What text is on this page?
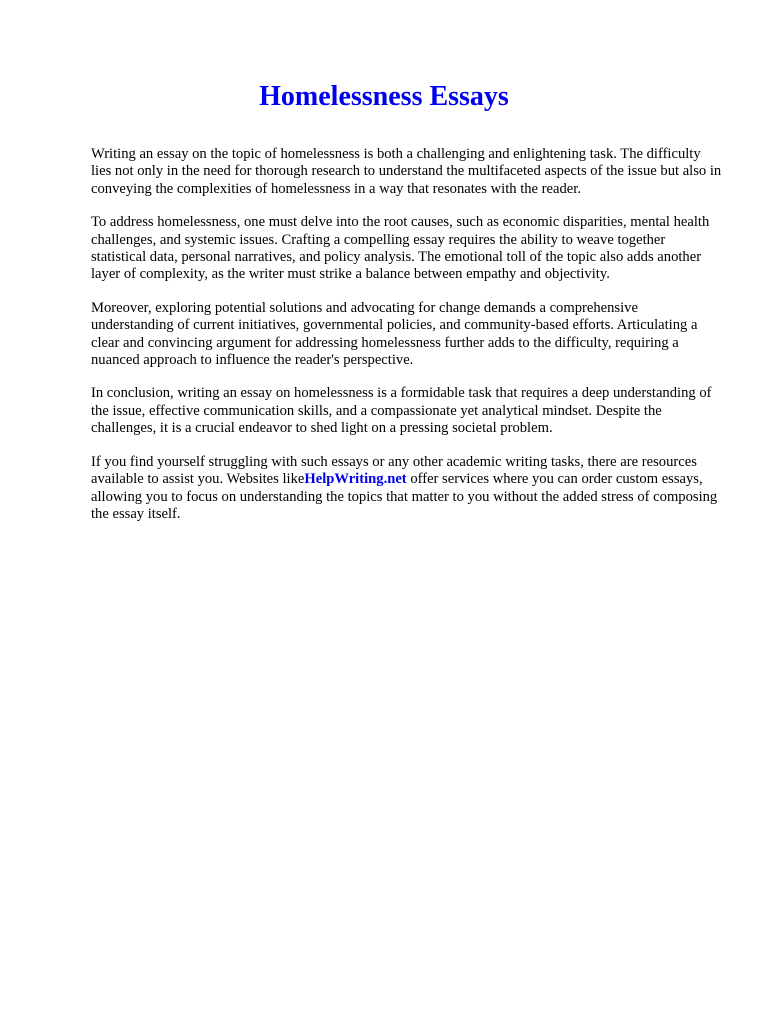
Homelessness Essays

Writing an essay on the topic of homelessness is both a challenging and enlightening task. The difficulty lies not only in the need for thorough research to understand the multifaceted aspects of the issue but also in conveying the complexities of homelessness in a way that resonates with the reader.

To address homelessness, one must delve into the root causes, such as economic disparities, mental health challenges, and systemic issues. Crafting a compelling essay requires the ability to weave together statistical data, personal narratives, and policy analysis. The emotional toll of the topic also adds another layer of complexity, as the writer must strike a balance between empathy and objectivity.

Moreover, exploring potential solutions and advocating for change demands a comprehensive understanding of current initiatives, governmental policies, and community-based efforts. Articulating a clear and convincing argument for addressing homelessness further adds to the difficulty, requiring a nuanced approach to influence the reader's perspective.

In conclusion, writing an essay on homelessness is a formidable task that requires a deep understanding of the issue, effective communication skills, and a compassionate yet analytical mindset. Despite the challenges, it is a crucial endeavor to shed light on a pressing societal problem.

If you find yourself struggling with such essays or any other academic writing tasks, there are resources available to assist you. Websites likeHelpWriting.net offer services where you can order custom essays, allowing you to focus on understanding the topics that matter to you without the added stress of composing the essay itself.
